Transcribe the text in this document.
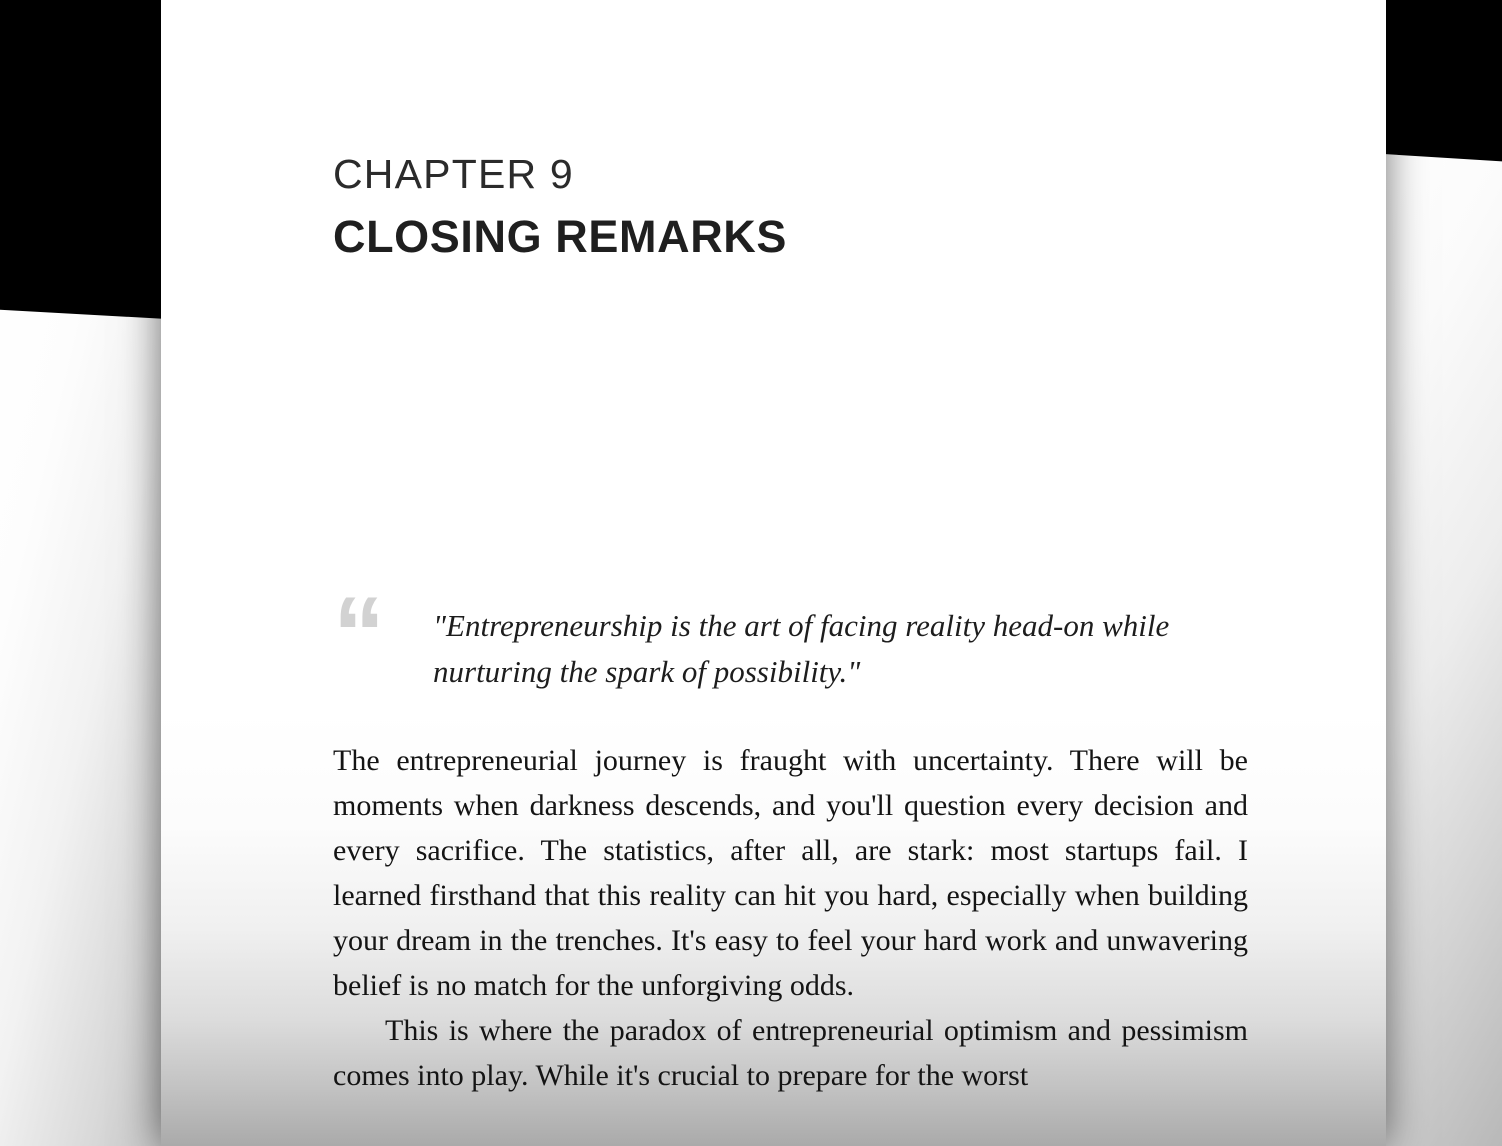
CHAPTER 9
CLOSING REMARKS
“	"Entrepreneurship is the art of facing reality head-on while nurturing the spark of possibility."

The entrepreneurial journey is fraught with uncertainty. There will be moments when darkness descends, and you'll question every decision and every sacrifice. The statistics, after all, are stark: most startups fail. I learned firsthand that this reality can hit you hard, especially when building your dream in the trenches. It's easy to feel your hard work and unwavering belief is no match for the unforgiving odds.

This is where the paradox of entrepreneurial optimism and pessimism comes into play. While it's crucial to prepare for the worst
